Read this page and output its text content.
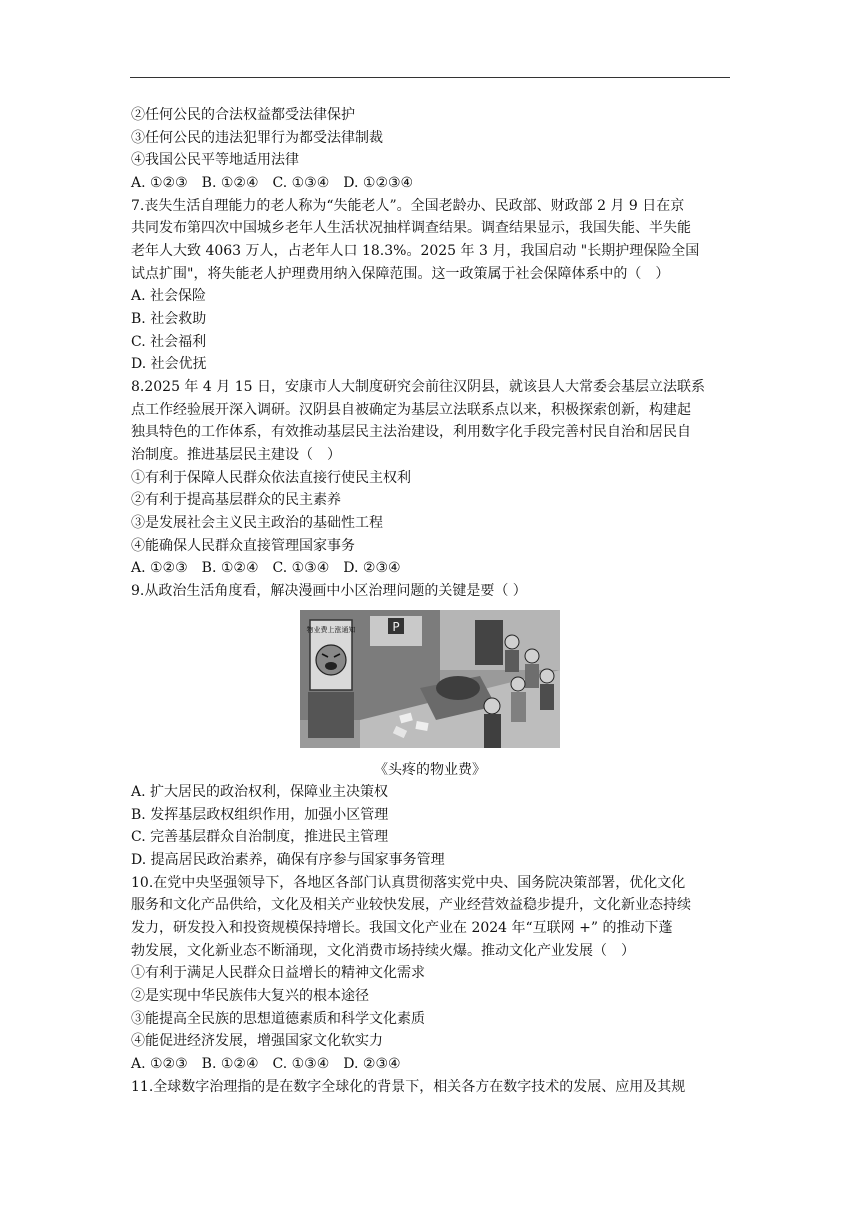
②任何公民的合法权益都受法律保护
③任何公民的违法犯罪行为都受法律制裁
④我国公民平等地适用法律
A. ①②③　B. ①②④　C. ①③④　D. ①②③④
7.丧失生活自理能力的老人称为“失能老人”。全国老龄办、民政部、财政部 2 月 9 日在京
共同发布第四次中国城乡老年人生活状况抽样调查结果。调查结果显示，我国失能、半失能
老年人大致 4063 万人，占老年人口 18.3%。2025 年 3 月，我国启动 "长期护理保险全国
试点扩围"，将失能老人护理费用纳入保障范围。这一政策属于社会保障体系中的（　）
A. 社会保险
B. 社会救助
C. 社会福利
D. 社会优抚
8.2025 年 4 月 15 日，安康市人大制度研究会前往汉阴县，就该县人大常委会基层立法联系
点工作经验展开深入调研。汉阴县自被确定为基层立法联系点以来，积极探索创新，构建起
独具特色的工作体系，有效推动基层民主法治建设，利用数字化手段完善村民自治和居民自
治制度。推进基层民主建设（　）
①有利于保障人民群众依法直接行使民主权利
②有利于提高基层群众的民主素养
③是发展社会主义民主政治的基础性工程
④能确保人民群众直接管理国家事务
A. ①②③　B. ①②④　C. ①③④　D. ②③④
9.从政治生活角度看，解决漫画中小区治理问题的关键是要（ ）
P
物业费上涨通知
《头疼的物业费》
A. 扩大居民的政治权利，保障业主决策权
B. 发挥基层政权组织作用，加强小区管理
C. 完善基层群众自治制度，推进民主管理
D. 提高居民政治素养，确保有序参与国家事务管理
10.在党中央坚强领导下，各地区各部门认真贯彻落实党中央、国务院决策部署，优化文化
服务和文化产品供给，文化及相关产业较快发展，产业经营效益稳步提升，文化新业态持续
发力，研发投入和投资规模保持增长。我国文化产业在 2024 年“互联网 +” 的推动下蓬
勃发展，文化新业态不断涌现，文化消费市场持续火爆。推动文化产业发展（　）
①有利于满足人民群众日益增长的精神文化需求
②是实现中华民族伟大复兴的根本途径
③能提高全民族的思想道德素质和科学文化素质
④能促进经济发展，增强国家文化软实力
A. ①②③　B. ①②④　C. ①③④　D. ②③④
11.全球数字治理指的是在数字全球化的背景下，相关各方在数字技术的发展、应用及其规
